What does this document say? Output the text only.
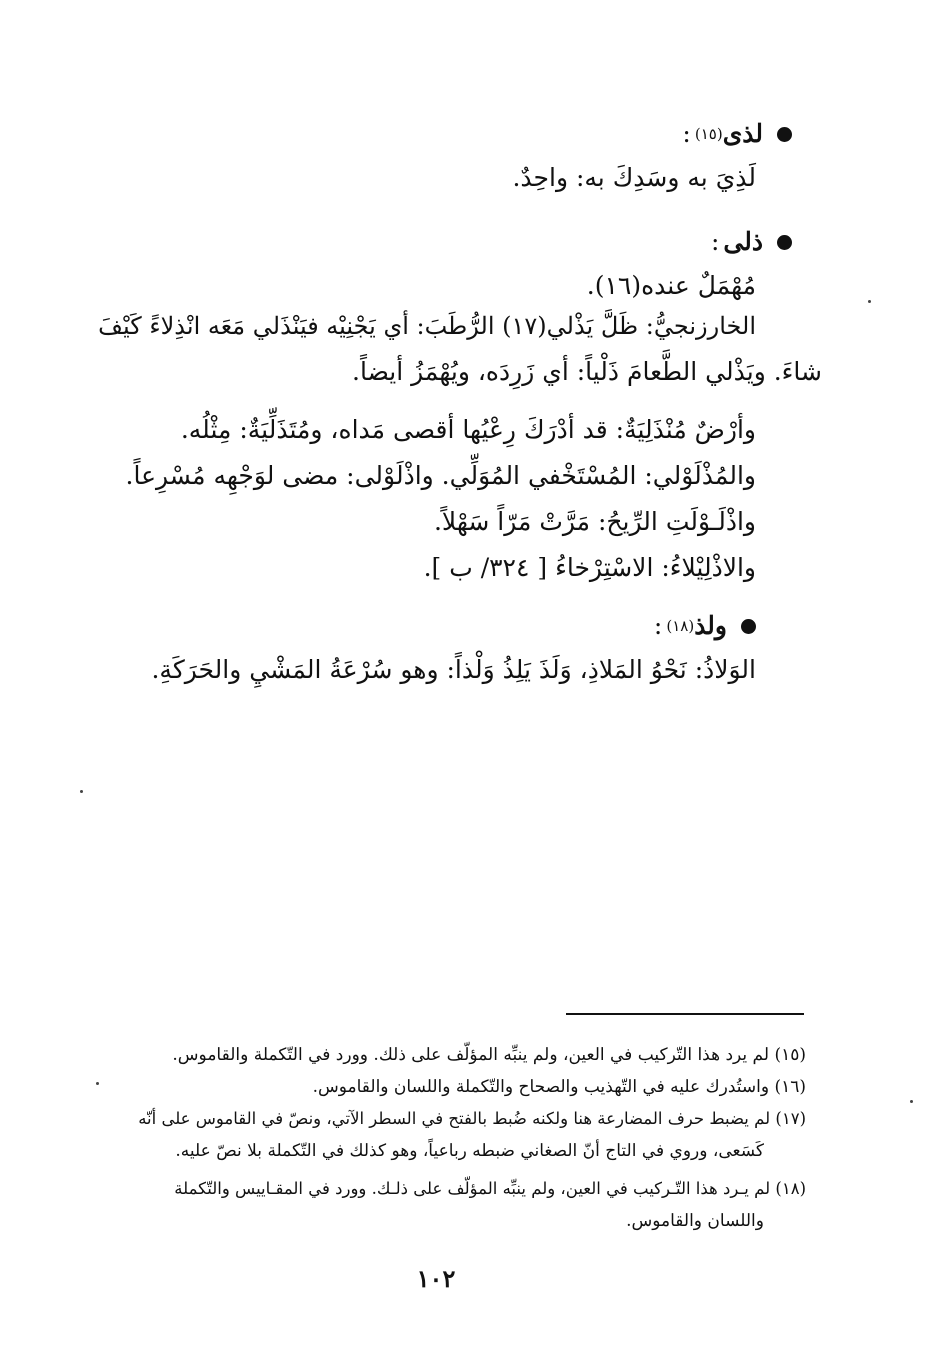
لذى
(١٥)
:
لَذِيَ به وسَدِكَ به: واحِدٌ.
ذلى
:
مُهْمَلٌ عنده(١٦).
الخارزنجيُّ: ظَلَّ يَذْلي(١٧) الرُّطَبَ: أي يَجْنِيْه فيَنْذَلي مَعَه انْذِلاءً كَيْفَ
شاءَ. ويَذْلي الطَّعامَ ذَلْياً: أي زَرِدَه، ويُهْمَزُ أيضاً.
وأرْضٌ مُنْذَلِيَةٌ: قد أدْرَكَ رِعْيُها أقصى مَداه، ومُتَذَلِّيَةٌ: مِثْلُه.
والمُذْلَوْلي: المُسْتَخْفي المُوَلِّي. واذْلَوْلى: مضى لوَجْهِه مُسْرِعاً.
واذْلَـوْلَتِ الرِّيحُ: مَرَّتْ مَرّاً سَهْلاً.
والاذْلِيْلاءُ: الاسْتِرْخاءُ [ ٣٢٤/ ب ].
ولذ
(١٨)
:
الوَلاذُ: نَحْوُ المَلاذِ، وَلَذَ يَلِذُ وَلْذاً: وهو سُرْعَةُ المَشْيِ والحَرَكَةِ.
(١٥) لم يرد هذا التّركيب في العين، ولم ينبِّه المؤلّف على ذلك. وورد في التّكملة والقاموس.
(١٦) واستُدرك عليه في التّهذيب والصحاح والتّكملة واللسان والقاموس.
(١٧) لم يضبط حرف المضارعة هنا ولكنه ضُبط بالفتح في السطر الآتي، ونصّ في القاموس على أنّه
كَسَعى، وروي في التاج أنّ الصغاني ضبطه رباعياً، وهو كذلك في التّكملة بلا نصّ عليه.
(١٨) لم يـرد هذا التّـركيب في العين، ولم ينبِّه المؤلّف على ذلـك. وورد في المقـاييس والتّكملة
واللسان والقاموس.
١٠٢
